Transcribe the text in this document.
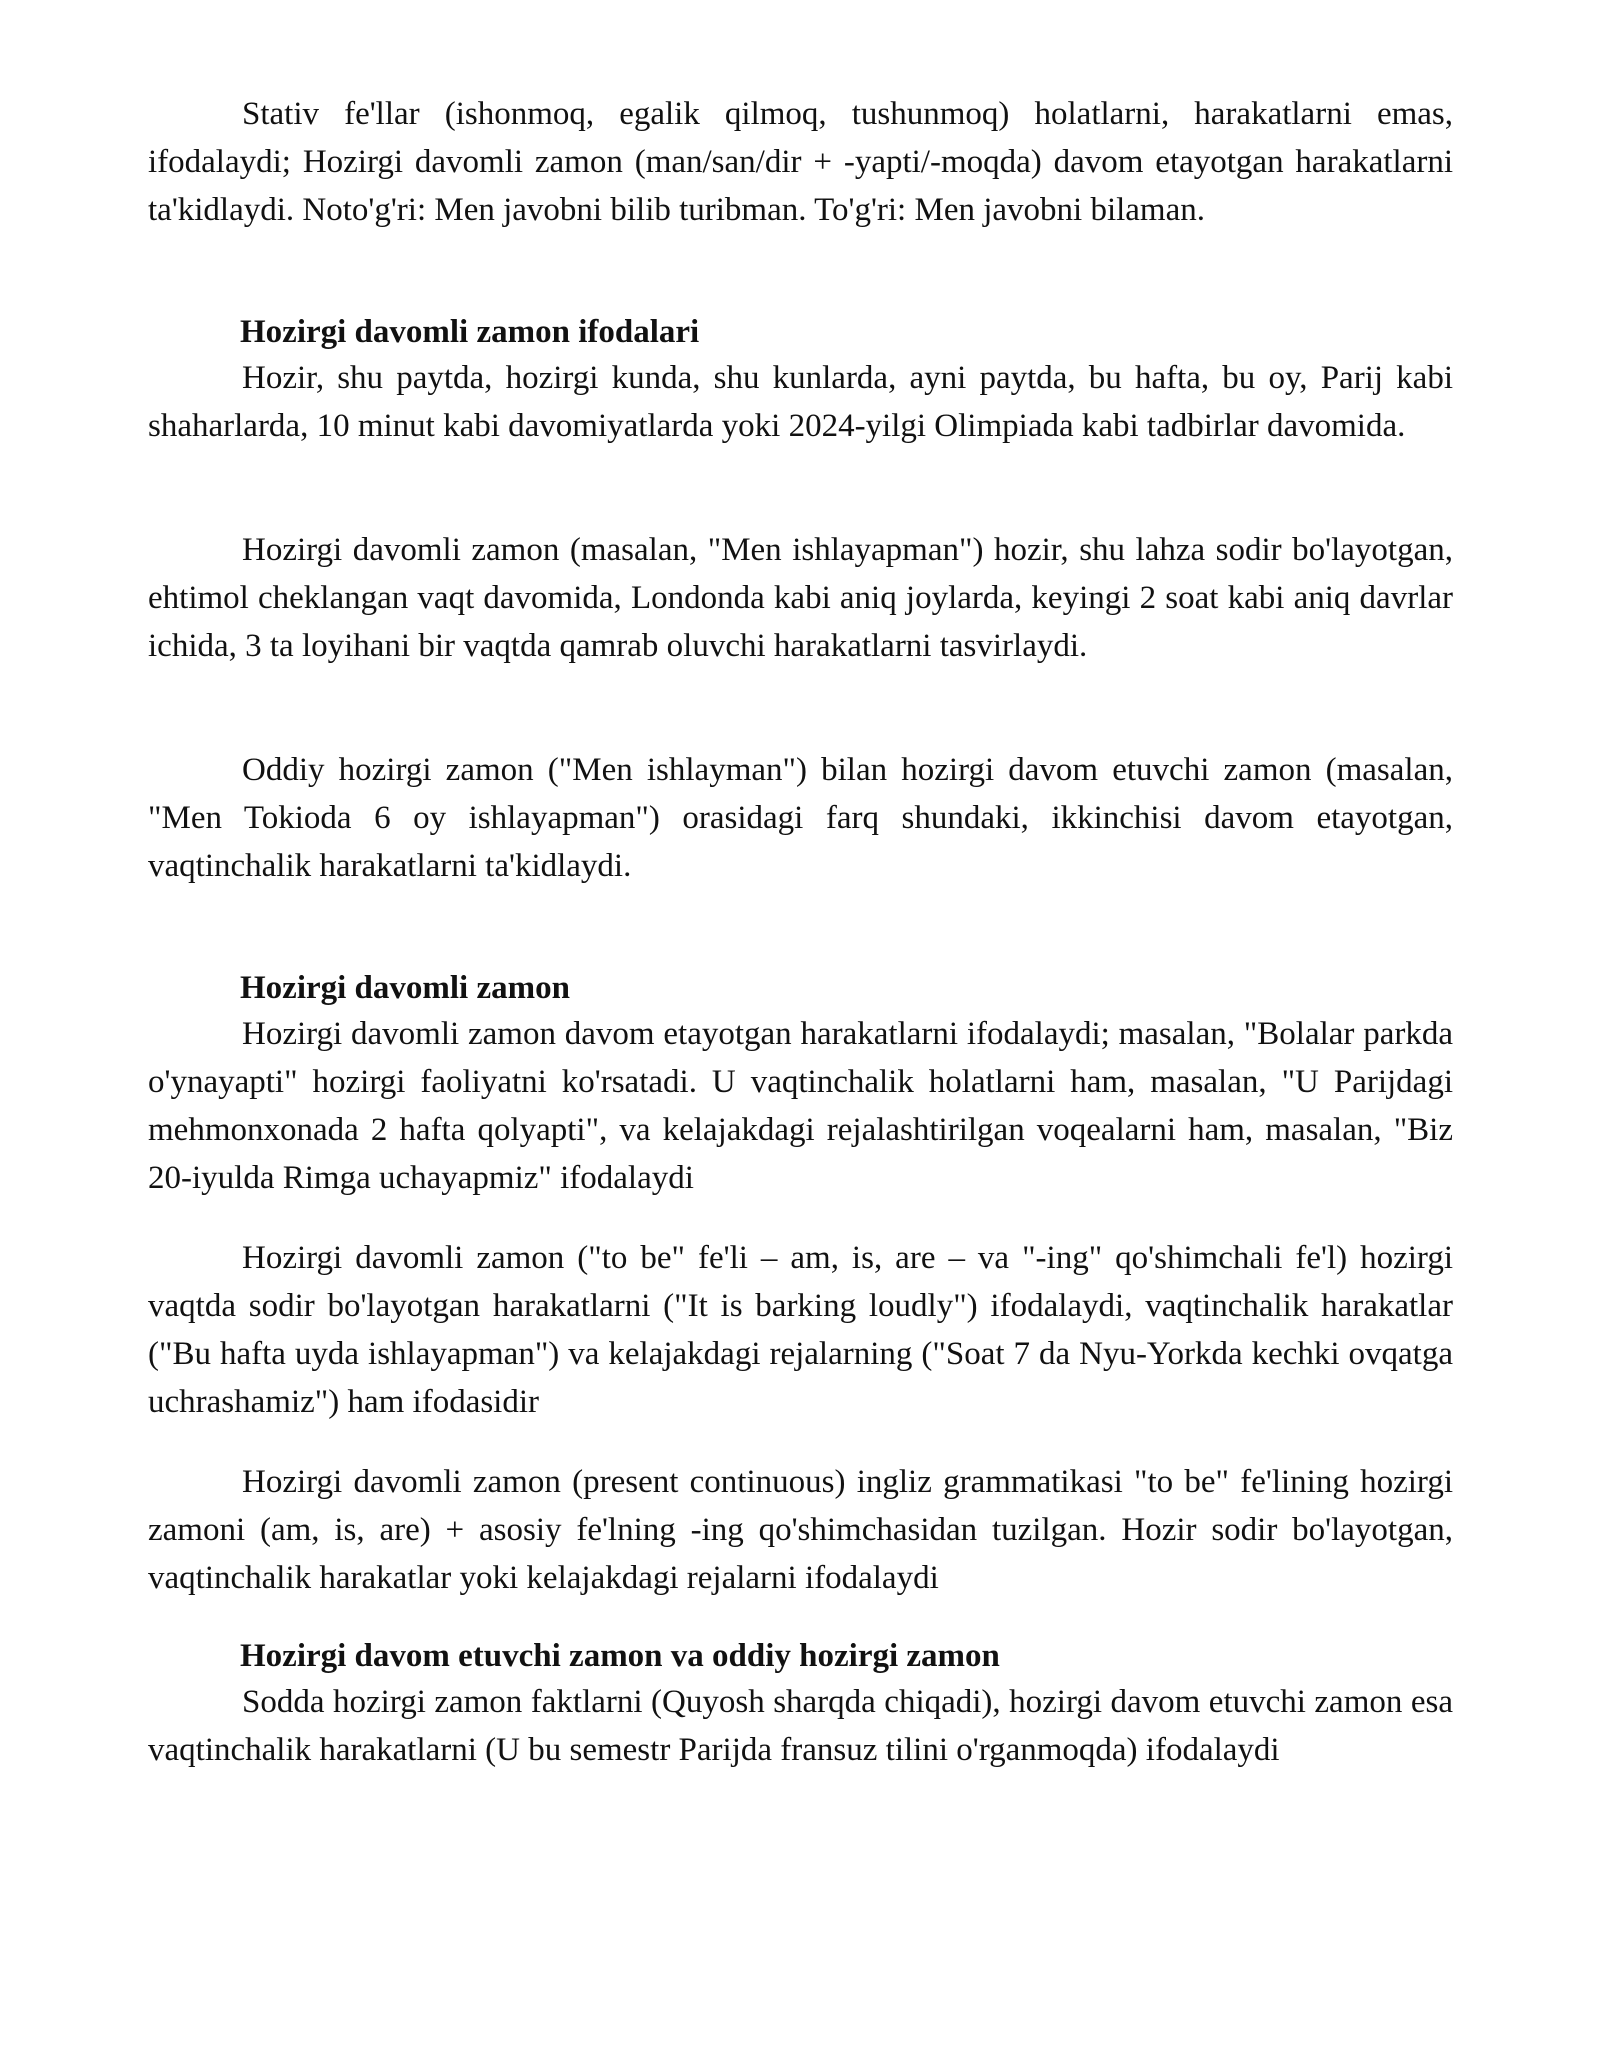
Stativ fe'llar (ishonmoq, egalik qilmoq, tushunmoq) holatlarni, harakatlarni emas, ifodalaydi; Hozirgi davomli zamon (man/san/dir + -yapti/-moqda) davom etayotgan harakatlarni ta'kidlaydi. Noto'g'ri: Men javobni bilib turibman. To'g'ri: Men javobni bilaman.

Hozirgi davomli zamon ifodalari

Hozir, shu paytda, hozirgi kunda, shu kunlarda, ayni paytda, bu hafta, bu oy, Parij kabi shaharlarda, 10 minut kabi davomiyatlarda yoki 2024-yilgi Olimpiada kabi tadbirlar davomida.

Hozirgi davomli zamon (masalan, "Men ishlayapman") hozir, shu lahza sodir bo'layotgan, ehtimol cheklangan vaqt davomida, Londonda kabi aniq joylarda, keyingi 2 soat kabi aniq davrlar ichida, 3 ta loyihani bir vaqtda qamrab oluvchi harakatlarni tasvirlaydi.

Oddiy hozirgi zamon ("Men ishlayman") bilan hozirgi davom etuvchi zamon (masalan, "Men Tokioda 6 oy ishlayapman") orasidagi farq shundaki, ikkinchisi davom etayotgan, vaqtinchalik harakatlarni ta'kidlaydi.

Hozirgi davomli zamon

Hozirgi davomli zamon davom etayotgan harakatlarni ifodalaydi; masalan, "Bolalar parkda o'ynayapti" hozirgi faoliyatni ko'rsatadi. U vaqtinchalik holatlarni ham, masalan, "U Parijdagi mehmonxonada 2 hafta qolyapti", va kelajakdagi rejalashtirilgan voqealarni ham, masalan, "Biz 20-iyulda Rimga uchayapmiz" ifodalaydi

Hozirgi davomli zamon ("to be" fe'li – am, is, are – va "-ing" qo'shimchali fe'l) hozirgi vaqtda sodir bo'layotgan harakatlarni ("It is barking loudly") ifodalaydi, vaqtinchalik harakatlar ("Bu hafta uyda ishlayapman") va kelajakdagi rejalarning ("Soat 7 da Nyu-Yorkda kechki ovqatga uchrashamiz") ham ifodasidir

Hozirgi davomli zamon (present continuous) ingliz grammatikasi "to be" fe'lining hozirgi zamoni (am, is, are) + asosiy fe'lning -ing qo'shimchasidan tuzilgan. Hozir sodir bo'layotgan, vaqtinchalik harakatlar yoki kelajakdagi rejalarni ifodalaydi

Hozirgi davom etuvchi zamon va oddiy hozirgi zamon

Sodda hozirgi zamon faktlarni (Quyosh sharqda chiqadi), hozirgi davom etuvchi zamon esa vaqtinchalik harakatlarni (U bu semestr Parijda fransuz tilini o'rganmoqda) ifodalaydi
